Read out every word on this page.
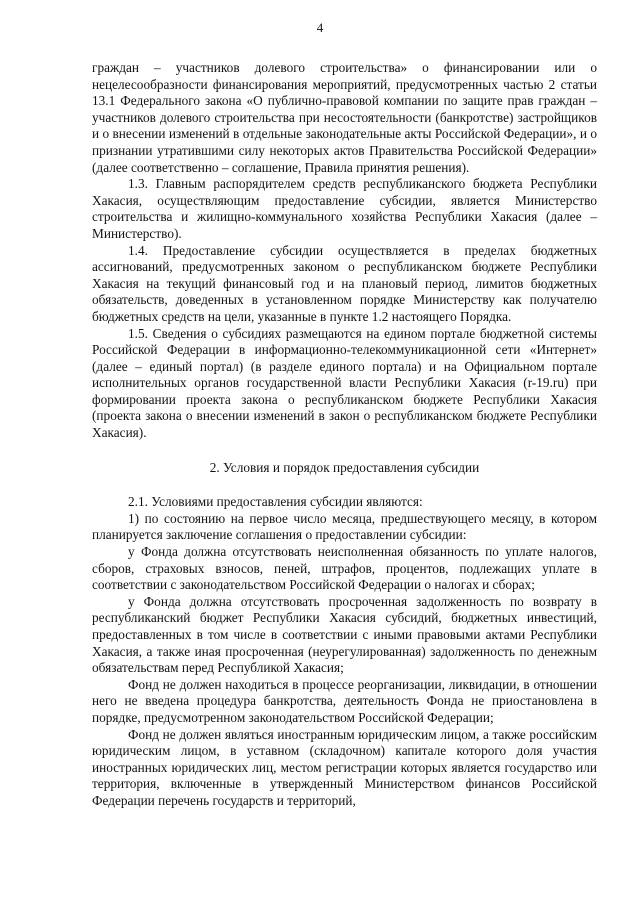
4

граждан – участников долевого строительства» о финансировании или о нецелесообразности финансирования мероприятий, предусмотренных частью 2 статьи 13.1 Федерального закона «О публично-правовой компании по защите прав граждан – участников долевого строительства при несостоятельности (банкротстве) застройщиков и о внесении изменений в отдельные законодательные акты Российской Федерации», и о признании утратившими силу некоторых актов Правительства Российской Федерации» (далее соответственно – соглашение, Правила принятия решения).

1.3. Главным распорядителем средств республиканского бюджета Республики Хакасия, осуществляющим предоставление субсидии, является Министерство строительства и жилищно-коммунального хозяйства Республики Хакасия (далее – Министерство).

1.4. Предоставление субсидии осуществляется в пределах бюджетных ассигнований, предусмотренных законом о республиканском бюджете Республики Хакасия на текущий финансовый год и на плановый период, лимитов бюджетных обязательств, доведенных в установленном порядке Министерству как получателю бюджетных средств на цели, указанные в пункте 1.2 настоящего Порядка.

1.5. Сведения о субсидиях размещаются на едином портале бюджетной системы Российской Федерации в информационно-телекоммуникационной сети «Интернет» (далее – единый портал) (в разделе единого портала) и на Официальном портале исполнительных органов государственной власти Республики Хакасия (r-19.ru) при формировании проекта закона о республиканском бюджете Республики Хакасия (проекта закона о внесении изменений в закон о республиканском бюджете Республики Хакасия).

2. Условия и порядок предоставления субсидии

2.1. Условиями предоставления субсидии являются:

1) по состоянию на первое число месяца, предшествующего месяцу, в котором планируется заключение соглашения о предоставлении субсидии:

у Фонда должна отсутствовать неисполненная обязанность по уплате налогов, сборов, страховых взносов, пеней, штрафов, процентов, подлежащих уплате в соответствии с законодательством Российской Федерации о налогах и сборах;

у Фонда должна отсутствовать просроченная задолженность по возврату в республиканский бюджет Республики Хакасия субсидий, бюджетных инвестиций, предоставленных в том числе в соответствии с иными правовыми актами Республики Хакасия, а также иная просроченная (неурегулированная) задолженность по денежным обязательствам перед Республикой Хакасия;

Фонд не должен находиться в процессе реорганизации, ликвидации, в отношении него не введена процедура банкротства, деятельность Фонда не приостановлена в порядке, предусмотренном законодательством Российской Федерации;

Фонд не должен являться иностранным юридическим лицом, а также российским юридическим лицом, в уставном (складочном) капитале которого доля участия иностранных юридических лиц, местом регистрации которых является государство или территория, включенные в утвержденный Министерством финансов Российской Федерации перечень государств и территорий,
